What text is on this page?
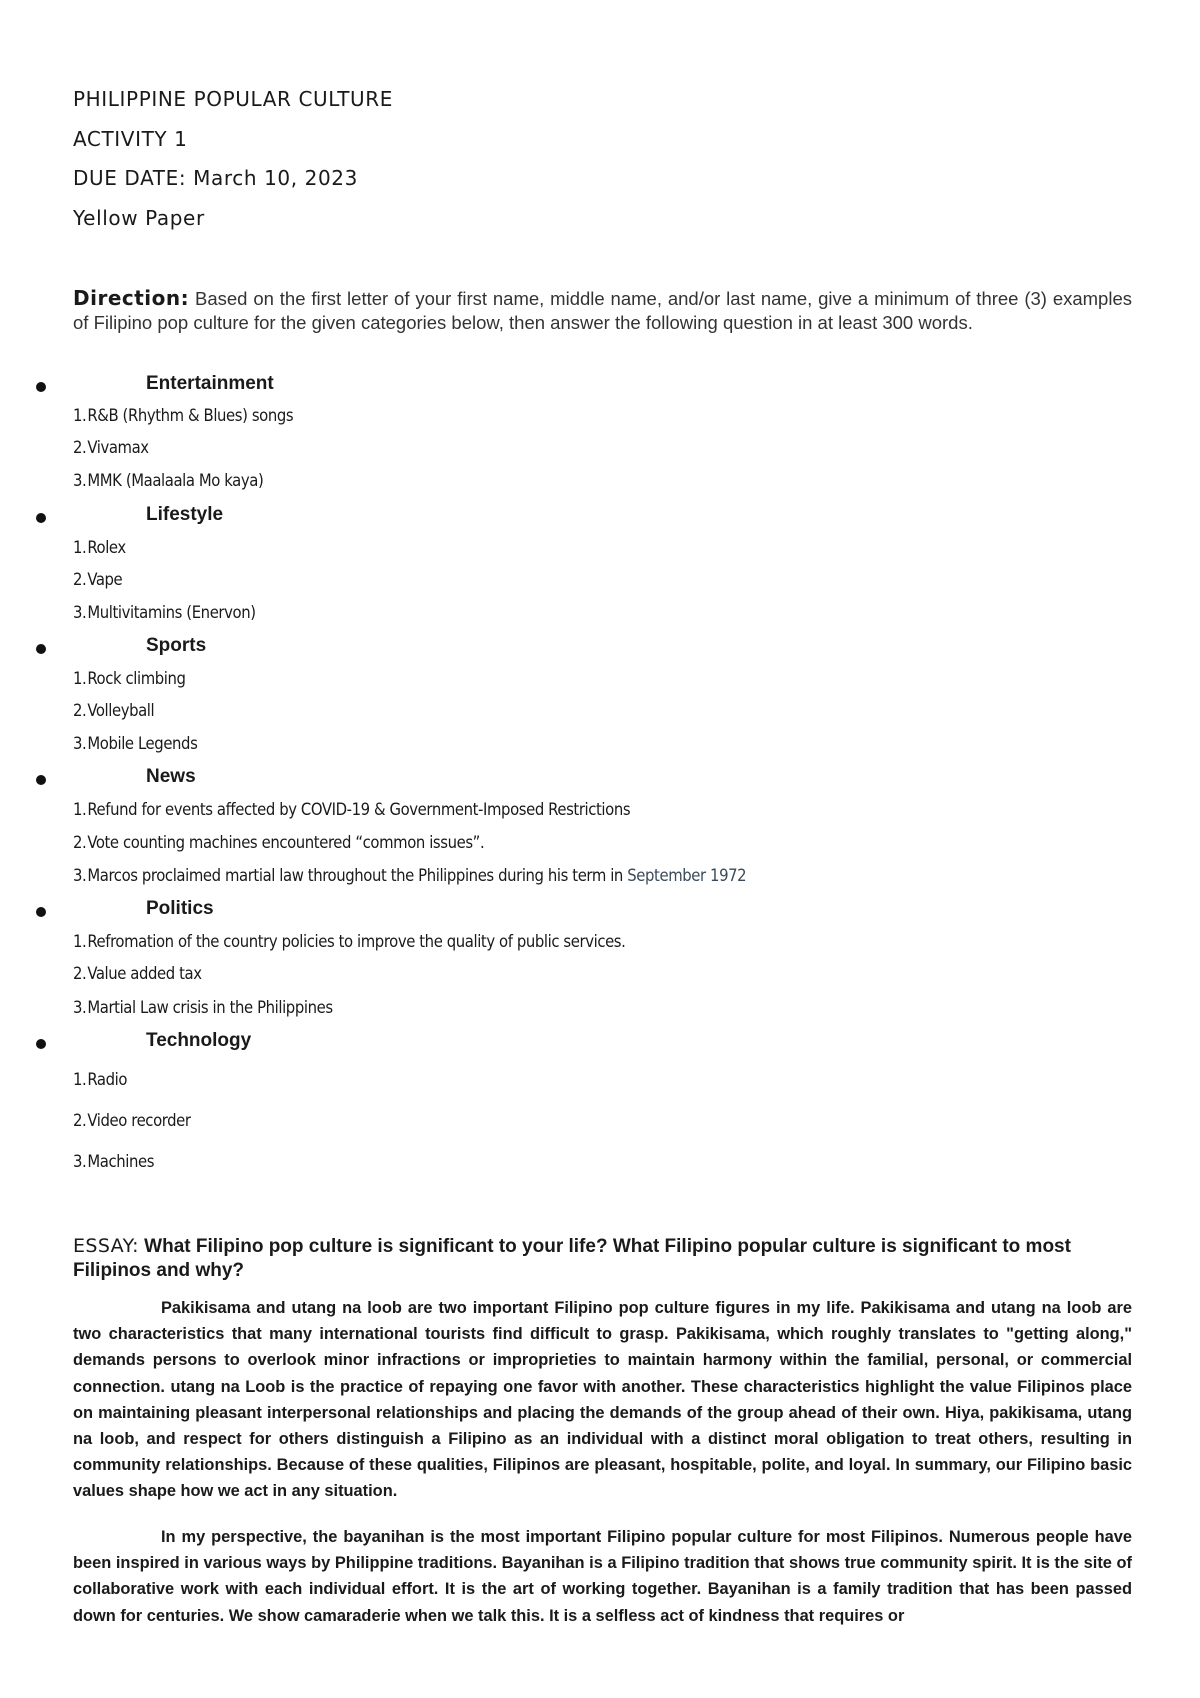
PHILIPPINE POPULAR CULTURE
ACTIVITY 1
DUE DATE: March 10, 2023
Yellow Paper
Direction: Based on the first letter of your first name, middle name, and/or last name, give a minimum of three (3) examples of Filipino pop culture for the given categories below, then answer the following question in at least 300 words.
Entertainment
1.R&B (Rhythm & Blues) songs
2.Vivamax
3.MMK (Maalaala Mo kaya)
Lifestyle
1.Rolex
2.Vape
3.Multivitamins (Enervon)
Sports
1.Rock climbing
2.Volleyball
3.Mobile Legends
News
1.Refund for events affected by COVID-19 & Government-Imposed Restrictions
2.Vote counting machines encountered “common issues”.
3.Marcos proclaimed martial law throughout the Philippines during his term in September 1972
Politics
1.Refromation of the country policies to improve the quality of public services.
2.Value added tax
3.Martial Law crisis in the Philippines
Technology
1.Radio
2.Video recorder
3.Machines
ESSAY: What Filipino pop culture is significant to your life? What Filipino popular culture is significant to most Filipinos and why?

Pakikisama and utang na loob are two important Filipino pop culture figures in my life. Pakikisama and utang na loob are two characteristics that many international tourists find difficult to grasp. Pakikisama, which roughly translates to "getting along," demands persons to overlook minor infractions or improprieties to maintain harmony within the familial, personal, or commercial connection. utang na Loob is the practice of repaying one favor with another. These characteristics highlight the value Filipinos place on maintaining pleasant interpersonal relationships and placing the demands of the group ahead of their own. Hiya, pakikisama, utang na loob, and respect for others distinguish a Filipino as an individual with a distinct moral obligation to treat others, resulting in community relationships. Because of these qualities, Filipinos are pleasant, hospitable, polite, and loyal. In summary, our Filipino basic values shape how we act in any situation.

In my perspective, the bayanihan is the most important Filipino popular culture for most Filipinos. Numerous people have been inspired in various ways by Philippine traditions. Bayanihan is a Filipino tradition that shows true community spirit. It is the site of collaborative work with each individual effort. It is the art of working together. Bayanihan is a family tradition that has been passed down for centuries. We show camaraderie when we talk this. It is a selfless act of kindness that requires or
